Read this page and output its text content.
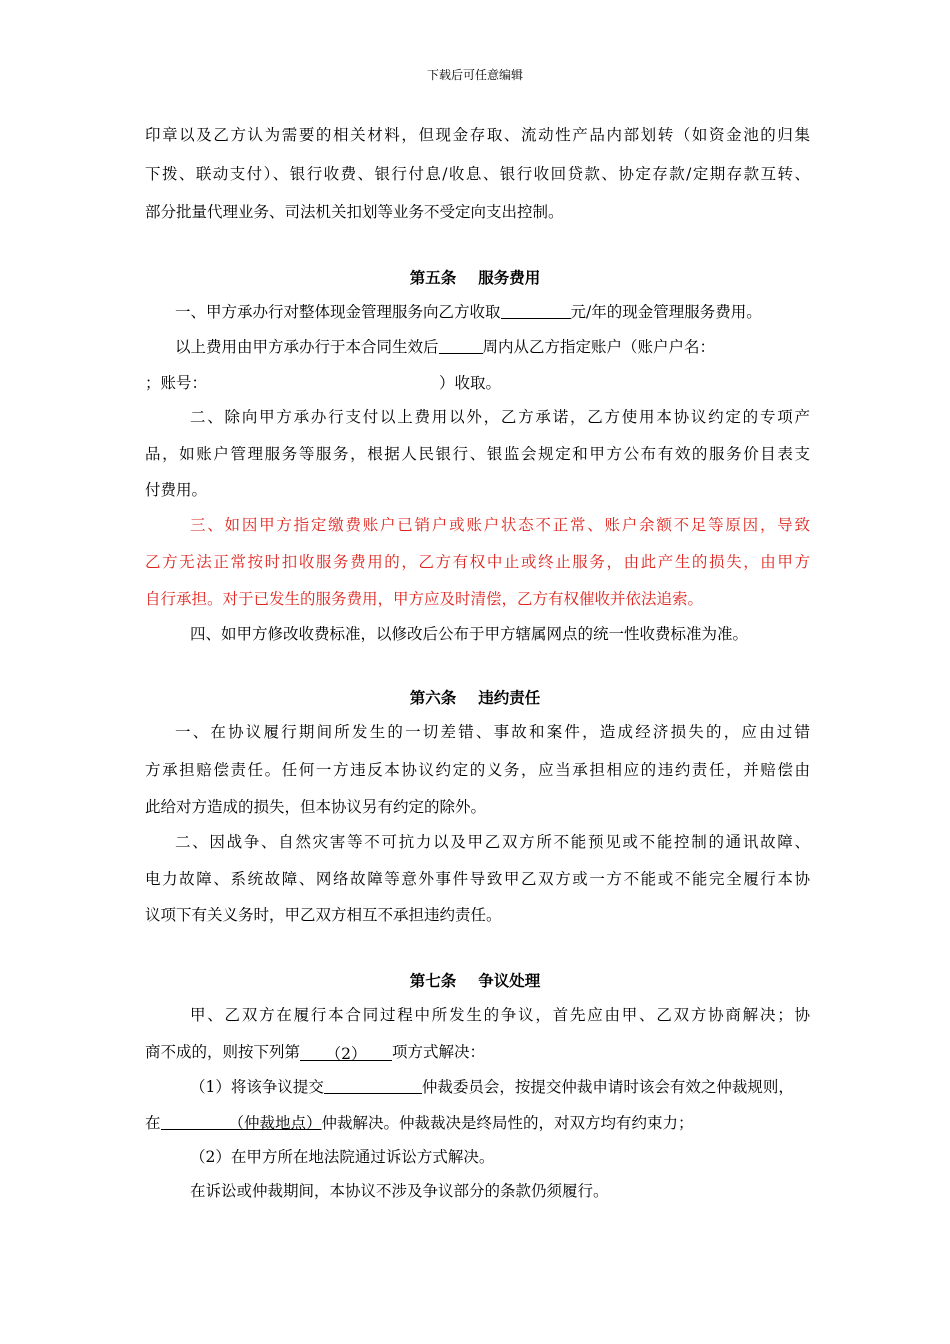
下载后可任意编辑
印章以及乙方认为需要的相关材料，但现金存取、流动性产品内部划转（如资金池的归集
下拨、联动支付）、银行收费、银行付息/收息、银行收回贷款、协定存款/定期存款互转、
部分批量代理业务、司法机关扣划等业务不受定向支出控制。
第五条 服务费用
一、甲方承办行对整体现金管理服务向乙方收取	元/年的现金管理服务费用。
以上费用由甲方承办行于本合同生效后	周内从乙方指定账户（账户户名：
；账号：	）收取。
二、除向甲方承办行支付以上费用以外，乙方承诺，乙方使用本协议约定的专项产
品，如账户管理服务等服务，根据人民银行、银监会规定和甲方公布有效的服务价目表支
付费用。
三、如因甲方指定缴费账户已销户或账户状态不正常、账户余额不足等原因，导致
乙方无法正常按时扣收服务费用的，乙方有权中止或终止服务，由此产生的损失，由甲方
自行承担。对于已发生的服务费用，甲方应及时清偿，乙方有权催收并依法追索。
四、如甲方修改收费标准，以修改后公布于甲方辖属网点的统一性收费标准为准。
第六条 违约责任
一、在协议履行期间所发生的一切差错、事故和案件，造成经济损失的，应由过错
方承担赔偿责任。任何一方违反本协议约定的义务，应当承担相应的违约责任，并赔偿由
此给对方造成的损失，但本协议另有约定的除外。
二、因战争、自然灾害等不可抗力以及甲乙双方所不能预见或不能控制的通讯故障、
电力故障、系统故障、网络故障等意外事件导致甲乙双方或一方不能或不能完全履行本协
议项下有关义务时，甲乙双方相互不承担违约责任。
第七条 争议处理
甲、乙双方在履行本合同过程中所发生的争议，首先应由甲、乙双方协商解决；协
商不成的，则按下列第 （2） 项方式解决：
（1）将该争议提交	仲裁委员会，按提交仲裁申请时该会有效之仲裁规则，
在	（仲裁地点）仲裁解决。仲裁裁决是终局性的，对双方均有约束力；
（2）在甲方所在地法院通过诉讼方式解决。
在诉讼或仲裁期间，本协议不涉及争议部分的条款仍须履行。
